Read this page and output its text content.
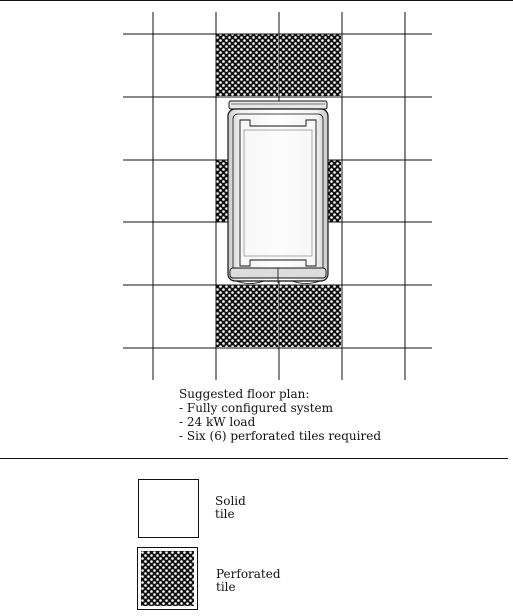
Suggested floor plan:
- Fully configured system
- 24 kW load
- Six (6) perforated tiles required
Solid
tile
Perforated
tile
